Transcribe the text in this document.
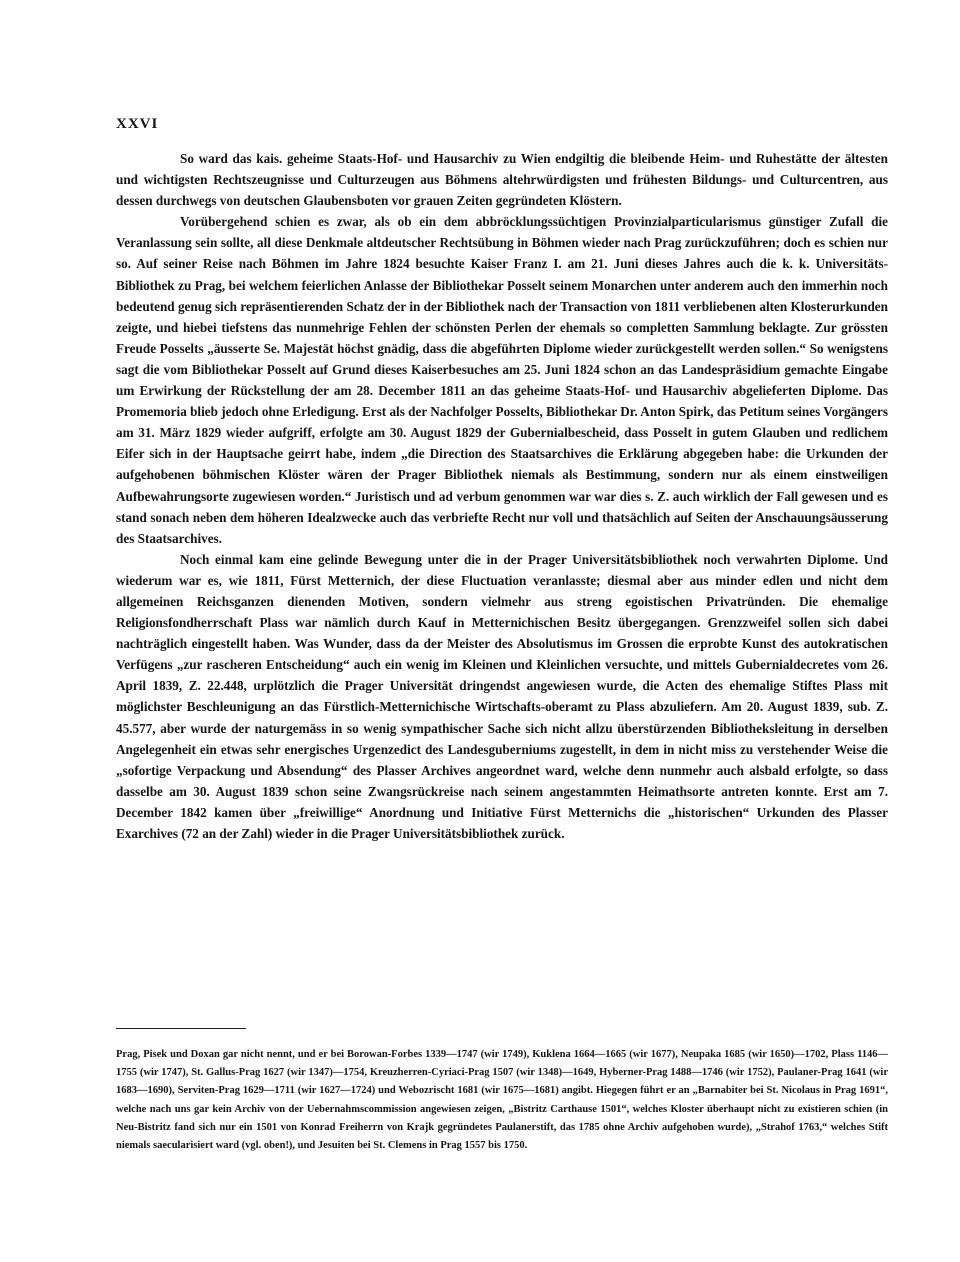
XXVI

So ward das kais. geheime Staats-Hof- und Hausarchiv zu Wien endgiltig die bleibende Heim- und Ruhestätte der ältesten und wichtigsten Rechtszeugnisse und Culturzeugen aus Böhmens altehrwürdigsten und frühesten Bildungs- und Culturcentren, aus dessen durchwegs von deutschen Glaubensboten vor grauen Zeiten gegründeten Klöstern.

Vorübergehend schien es zwar, als ob ein dem abbröcklungssüchtigen Provinzialparticularismus günstiger Zufall die Veranlassung sein sollte, all diese Denkmale altdeutscher Rechtsübung in Böhmen wieder nach Prag zurückzuführen; doch es schien nur so. Auf seiner Reise nach Böhmen im Jahre 1824 besuchte Kaiser Franz I. am 21. Juni dieses Jahres auch die k. k. Universitäts-Bibliothek zu Prag, bei welchem feierlichen Anlasse der Bibliothekar Posselt seinem Monarchen unter anderem auch den immerhin noch bedeutend genug sich repräsentierenden Schatz der in der Bibliothek nach der Transaction von 1811 verbliebenen alten Klosterurkunden zeigte, und hiebei tiefstens das nunmehrige Fehlen der schönsten Perlen der ehemals so completten Sammlung beklagte. Zur grössten Freude Posselts „äusserte Se. Majestät höchst gnädig, dass die abgeführten Diplome wieder zurückgestellt werden sollen.“ So wenigstens sagt die vom Bibliothekar Posselt auf Grund dieses Kaiserbesuches am 25. Juni 1824 schon an das Landespräsidium gemachte Eingabe um Erwirkung der Rückstellung der am 28. December 1811 an das geheime Staats-Hof- und Hausarchiv abgelieferten Diplome. Das Promemoria blieb jedoch ohne Erledigung. Erst als der Nachfolger Posselts, Bibliothekar Dr. Anton Spirk, das Petitum seines Vorgängers am 31. März 1829 wieder aufgriff, erfolgte am 30. August 1829 der Gubernialbescheid, dass Posselt in gutem Glauben und redlichem Eifer sich in der Hauptsache geirrt habe, indem „die Direction des Staatsarchives die Erklärung abgegeben habe: die Urkunden der aufgehobenen böhmischen Klöster wären der Prager Bibliothek niemals als Bestimmung, sondern nur als einem einstweiligen Aufbewahrungsorte zugewiesen worden.“ Juristisch und ad verbum genommen war war dies s. Z. auch wirklich der Fall gewesen und es stand sonach neben dem höheren Idealzwecke auch das verbriefte Recht nur voll und thatsächlich auf Seiten der Anschauungsäusserung des Staatsarchives.

Noch einmal kam eine gelinde Bewegung unter die in der Prager Universitätsbibliothek noch verwahrten Diplome. Und wiederum war es, wie 1811, Fürst Metternich, der diese Fluctuation veranlasste; diesmal aber aus minder edlen und nicht dem allgemeinen Reichsganzen dienenden Motiven, sondern vielmehr aus streng egoistischen Privatründen. Die ehemalige Religionsfondherrschaft Plass war nämlich durch Kauf in Metternichischen Besitz übergegangen. Grenzzweifel sollen sich dabei nachträglich eingestellt haben. Was Wunder, dass da der Meister des Absolutismus im Grossen die erprobte Kunst des autokratischen Verfügens „zur rascheren Entscheidung“ auch ein wenig im Kleinen und Kleinlichen versuchte, und mittels Gubernialdecretes vom 26. April 1839, Z. 22.448, urplötzlich die Prager Universität dringendst angewiesen wurde, die Acten des ehemalige Stiftes Plass mit möglichster Beschleunigung an das Fürstlich-Metternichische Wirtschafts-oberamt zu Plass abzuliefern. Am 20. August 1839, sub. Z. 45.577, aber wurde der naturgemäss in so wenig sympathischer Sache sich nicht allzu überstürzenden Bibliotheksleitung in derselben Angelegenheit ein etwas sehr energisches Urgenzedict des Landesguberniums zugestellt, in dem in nicht miss zu verstehender Weise die „sofortige Verpackung und Absendung“ des Plasser Archives angeordnet ward, welche denn nunmehr auch alsbald erfolgte, so dass dasselbe am 30. August 1839 schon seine Zwangsrückreise nach seinem angestammten Heimathsorte antreten konnte. Erst am 7. December 1842 kamen über „freiwillige“ Anordnung und Initiative Fürst Metternichs die „historischen“ Urkunden des Plasser Exarchives (72 an der Zahl) wieder in die Prager Universitätsbibliothek zurück.

Prag, Pisek und Doxan gar nicht nennt, und er bei Borowan-Forbes 1339—1747 (wir 1749), Kuklena 1664—1665 (wir 1677), Neupaka 1685 (wir 1650)—1702, Plass 1146—1755 (wir 1747), St. Gallus-Prag 1627 (wir 1347)—1754, Kreuzherren-Cyriaci-Prag 1507 (wir 1348)—1649, Hyberner-Prag 1488—1746 (wir 1752), Paulaner-Prag 1641 (wir 1683—1690), Serviten-Prag 1629—1711 (wir 1627—1724) und Webozrischt 1681 (wir 1675—1681) angibt. Hiegegen führt er an „Barnabiter bei St. Nicolaus in Prag 1691“, welche nach uns gar kein Archiv von der Uebernahmscommission angewiesen zeigen, „Bistritz Carthause 1501“, welches Kloster überhaupt nicht zu existieren schien (in Neu-Bistritz fand sich nur ein 1501 von Konrad Freiherrn von Krajk gegründetes Paulanerstift, das 1785 ohne Archiv aufgehoben wurde), „Strahof 1763,“ welches Stift niemals saecularisiert ward (vgl. oben!), und Jesuiten bei St. Clemens in Prag 1557 bis 1750.
